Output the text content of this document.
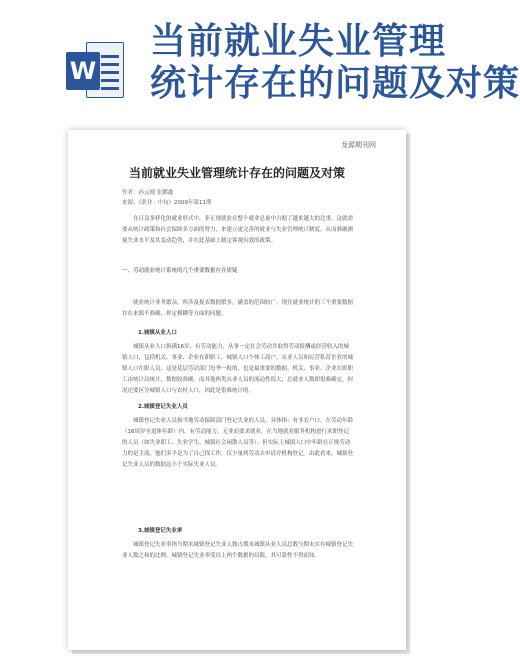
W
当前就业失业管理
统计存在的问题及对策
龙源期刊网
当前就业失业管理统计存在的问题及对策
作者：孙云刚 张鹏鑫
来源：《职业 · 中旬》2009年第11期
在日益多样化的就业形式中，非正规就业在整个就业总量中占据了越来越大的比重。这就需要从统计政策和社会保障多方面的努力，来建立更完善的就业与失业管理统计制度，从而准确测量失业水平及其变动趋势，并在此基础上制定客观有效的政策。
一、劳动就业统计系统的几个重要数据存在质疑
就业统计业务繁杂，所涉及报表数据繁多，涵盖的范围较广。现在就业统计的三个重要数据存在来源不准确、界定模糊等方面的问题。
1.城镇从业人口
城镇从业人口指满16岁、有劳动能力，从事一定社会劳动并取得劳动报酬或经营收入的城镇人口，包括机关、事业、企业在职职工，城镇人口个体工商户、从业人员和民营私营企业的城镇人口在职人员，这是基层劳动部门每季一报的，也是最重要的数据。机关、事业、企业在职职工由统计局统计，数据较准确。而其他两类从业人员的流动性很大，总就业人数即很难确定，何况还要区分城镇人口与农村人口，因此是很难统计的。
2.城镇登记失业人员
城镇登记失业人员指当地劳动保障部门登记失业的人员，具体指：有非农户口，在劳动年龄（16周岁至退休年龄）内，有劳动能力，无业而要求就业，在当地就业服务机构进行求职登记的人员（如失业职工、失业学生、城镇社会闲散人员等）。但实际上城镇人口中年龄在正规劳动力的是主流，他们多半是为了自己找工作，仅少量到劳动去申请介机构登记。由此看来，城镇登记失业人员的数据远小于实际失业人员。
3.城镇登记失业率
城镇登记失业率指当期末城镇登记失业人数占期末城镇从业人员总数与期末实有城镇登记失业人数之和的比例，城镇登记失业率受以上两个数据的局限，其可靠性不得而知。
